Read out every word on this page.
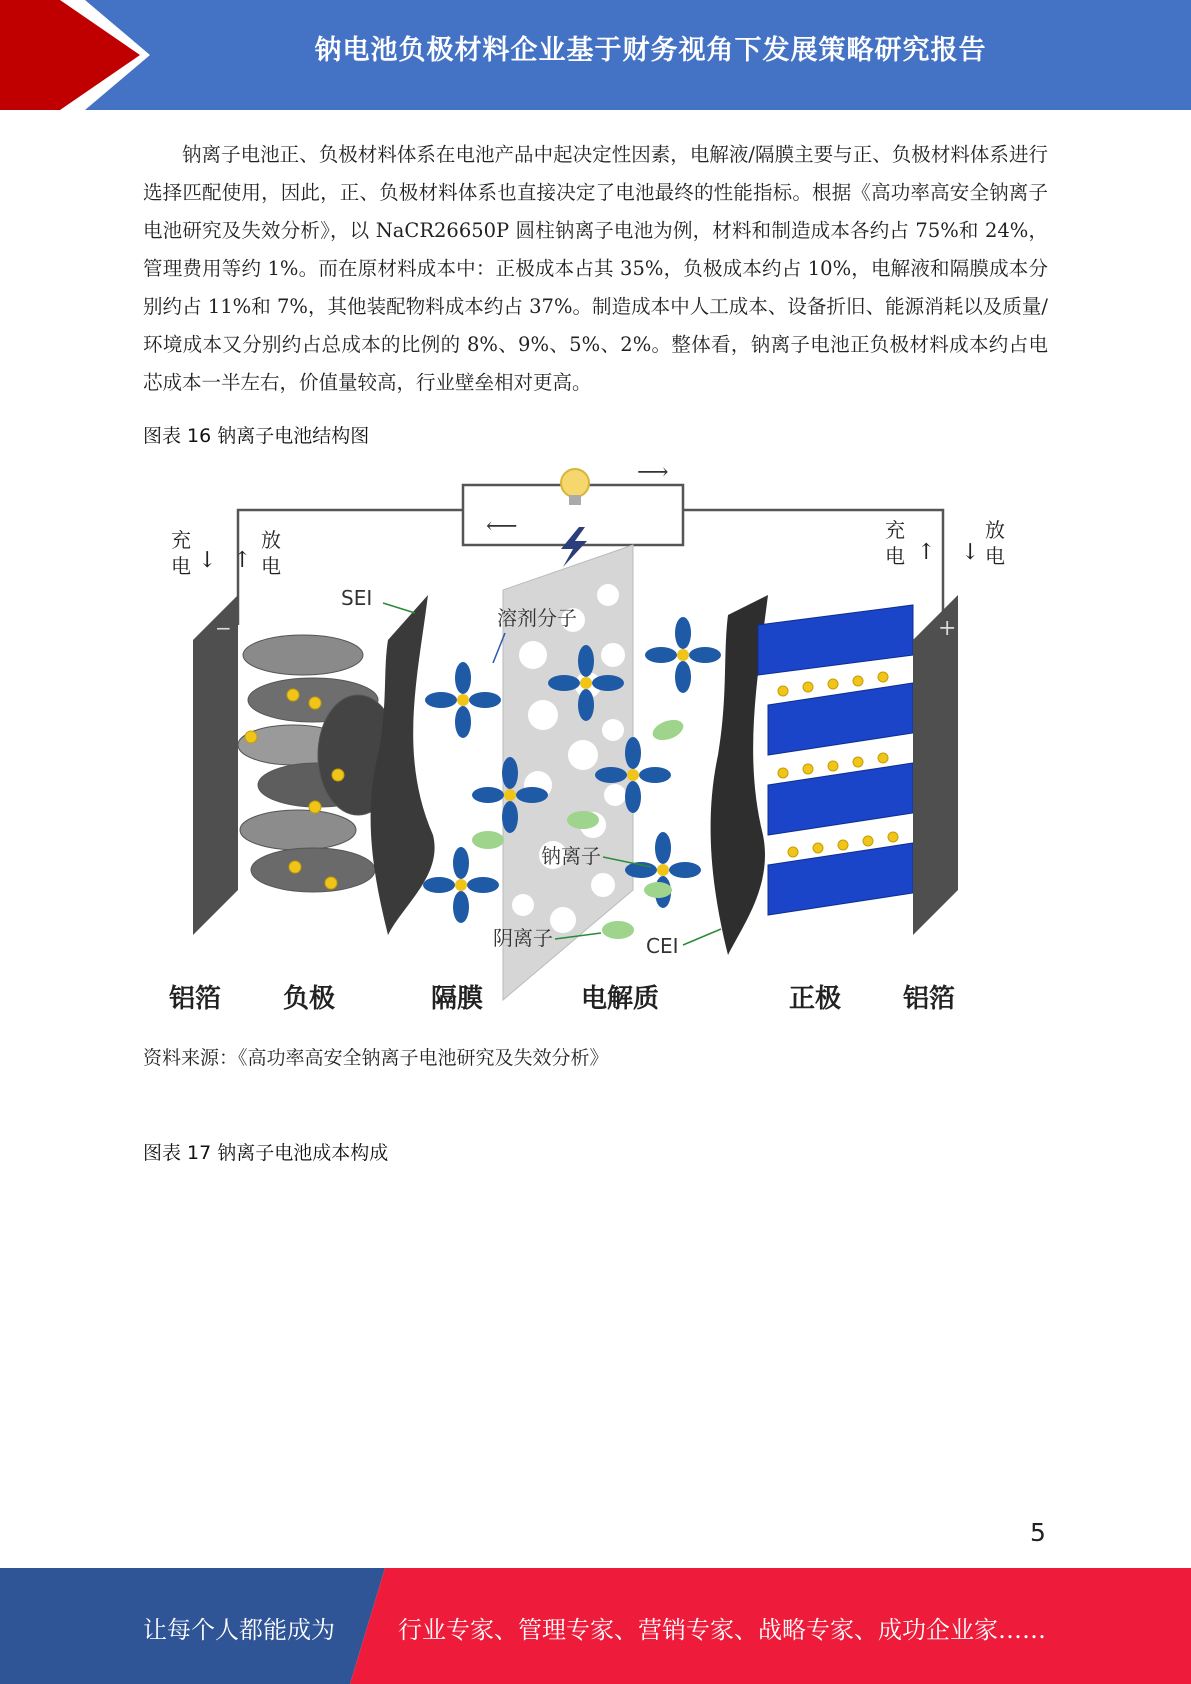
钠电池负极材料企业基于财务视角下发展策略研究报告
钠离子电池正、负极材料体系在电池产品中起决定性因素，电解液/隔膜主要与正、负极材料体系进行选择匹配使用，因此，正、负极材料体系也直接决定了电池最终的性能指标。根据《高功率高安全钠离子电池研究及失效分析》，以 NaCR26650P 圆柱钠离子电池为例，材料和制造成本各约占 75%和 24%，管理费用等约 1%。而在原材料成本中：正极成本占其 35%，负极成本约占 10%，电解液和隔膜成本分别约占 11%和 7%，其他装配物料成本约占 37%。制造成本中人工成本、设备折旧、能源消耗以及质量/环境成本又分别约占总成本的比例的 8%、9%、5%、2%。整体看，钠离子电池正负极材料成本约占电芯成本一半左右，价值量较高，行业壁垒相对更高。
图表 16 钠离子电池结构图
⟶
⟵
充
电 ↓ ↑
放
电
充
电 ↑ ↓
放
电
−
SEI
溶剂分子
钠离子
阴离子	CEI
+
铝箔 负极	隔膜	电解质	正极 铝箔
资料来源：《高功率高安全钠离子电池研究及失效分析》
图表 17 钠离子电池成本构成
5
让每个人都能成为	行业专家、管理专家、营销专家、战略专家、成功企业家……
